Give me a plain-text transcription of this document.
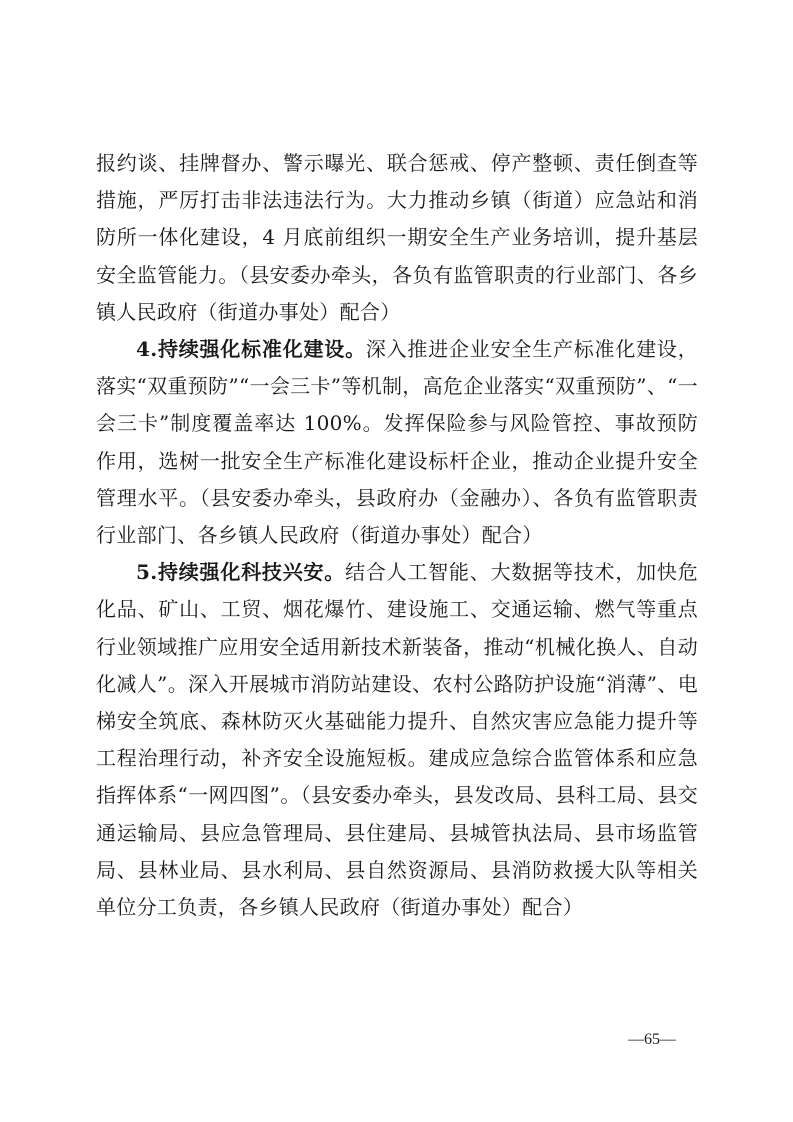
报约谈、挂牌督办、警示曝光、联合惩戒、停产整顿、责任倒查等措施，严厉打击非法违法行为。大力推动乡镇（街道）应急站和消防所一体化建设，4 月底前组织一期安全生产业务培训，提升基层安全监管能力。（县安委办牵头，各负有监管职责的行业部门、各乡镇人民政府（街道办事处）配合）

4.持续强化标准化建设。深入推进企业安全生产标准化建设，落实“双重预防”“一会三卡”等机制，高危企业落实“双重预防”、“一会三卡”制度覆盖率达 100%。发挥保险参与风险管控、事故预防作用，选树一批安全生产标准化建设标杆企业，推动企业提升安全管理水平。（县安委办牵头，县政府办（金融办）、各负有监管职责行业部门、各乡镇人民政府（街道办事处）配合）

5.持续强化科技兴安。结合人工智能、大数据等技术，加快危化品、矿山、工贸、烟花爆竹、建设施工、交通运输、燃气等重点行业领域推广应用安全适用新技术新装备，推动“机械化换人、自动化减人”。深入开展城市消防站建设、农村公路防护设施“消薄”、电梯安全筑底、森林防灭火基础能力提升、自然灾害应急能力提升等工程治理行动，补齐安全设施短板。建成应急综合监管体系和应急指挥体系“一网四图”。（县安委办牵头，县发改局、县科工局、县交通运输局、县应急管理局、县住建局、县城管执法局、县市场监管局、县林业局、县水利局、县自然资源局、县消防救援大队等相关单位分工负责，各乡镇人民政府（街道办事处）配合）

—65—
